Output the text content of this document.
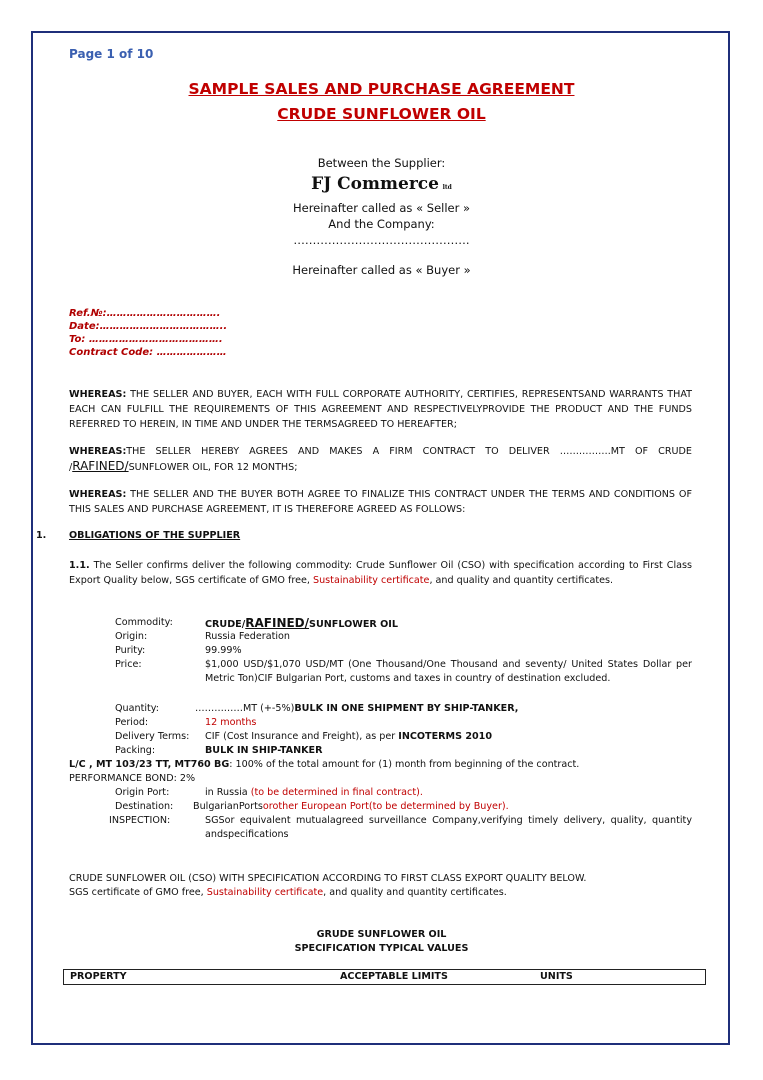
Page 1 of 10
SAMPLE SALES AND PURCHASE AGREEMENT
CRUDE SUNFLOWER OIL
Between the Supplier:
FJ Commerce ltd
Hereinafter called as « Seller »
And the Company:
……………………………………….
Hereinafter called as « Buyer »
Ref.№:…………………………….
Date:………………………………..
To: ………………………………….
Contract Code: …………………
WHEREAS: THE SELLER AND BUYER, EACH WITH FULL CORPORATE AUTHORITY, CERTIFIES, REPRESENTSAND WARRANTS THAT EACH CAN FULFILL THE REQUIREMENTS OF THIS AGREEMENT AND RESPECTIVELYPROVIDE THE PRODUCT AND THE FUNDS REFERRED TO HEREIN, IN TIME AND UNDER THE TERMSAGREED TO HEREAFTER;
WHEREAS:THE SELLER HEREBY AGREES AND MAKES A FIRM CONTRACT TO DELIVER …………….MT OF CRUDE /RAFINED/SUNFLOWER OIL, FOR 12 MONTHS;
WHEREAS: THE SELLER AND THE BUYER BOTH AGREE TO FINALIZE THIS CONTRACT UNDER THE TERMS AND CONDITIONS OF THIS SALES AND PURCHASE AGREEMENT, IT IS THEREFORE AGREED AS FOLLOWS:
1. OBLIGATIONS OF THE SUPPLIER
1.1. The Seller confirms deliver the following commodity: Crude Sunflower Oil (CSO) with specification according to First Class Export Quality below, SGS certificate of GMO free, Sustainability certificate, and quality and quantity certificates.
Commodity:	CRUDE/RAFINED/SUNFLOWER OIL
Origin:	Russia Federation
Purity:	99.99%
Price:	$1,000 USD/$1,070 USD/MT (One Thousand/One Thousand and seventy/ United States Dollar per Metric Ton)CIF Bulgarian Port, customs and taxes in country of destination excluded.
Quantity:	……………MT (+-5%)BULK IN ONE SHIPMENT BY SHIP-TANKER,
Period:	12 months
Delivery Terms: CIF (Cost Insurance and Freight), as per INCOTERMS 2010
Packing:	BULK IN SHIP-TANKER
L/C , MT 103/23 TT, MT760 BG: 100% of the total amount for (1) month from beginning of the contract.
PERFORMANCE BOND: 2%
Origin Port:	in Russia (to be determined in final contract).
Destination: BulgarianPortsorother European Port(to be determined by Buyer).
INSPECTION:	SGSor equivalent mutualagreed surveillance Company,verifying timely delivery, quality, quantity andspecifications
CRUDE SUNFLOWER OIL (CSO) WITH SPECIFICATION ACCORDING TO FIRST CLASS EXPORT QUALITY BELOW.
SGS certificate of GMO free, Sustainability certificate, and quality and quantity certificates.
GRUDE SUNFLOWER OIL
SPECIFICATION TYPICAL VALUES
PROPERTY	ACCEPTABLE LIMITS	UNITS
